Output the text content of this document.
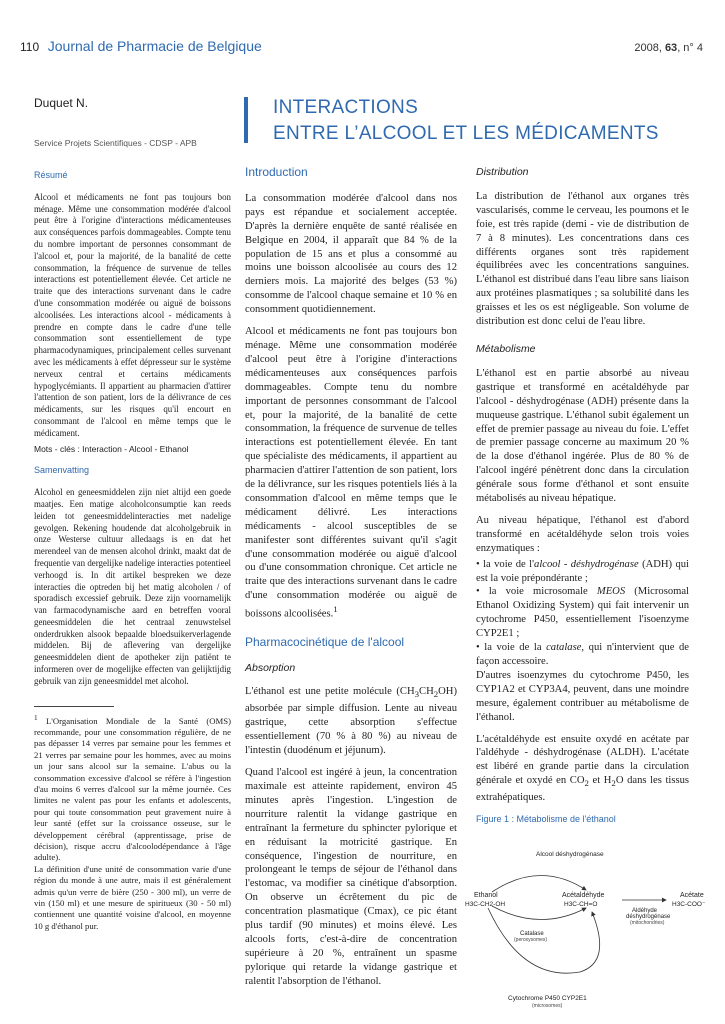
110 Journal de Pharmacie de Belgique	2008, 63, n° 4
Duquet N.
Service Projets Scientifiques - CDSP - APB
INTERACTIONS
ENTRE L’ALCOOL ET LES MÉDICAMENTS
Résumé

Alcool et médicaments ne font pas toujours bon ménage. Même une consommation modérée d'alcool peut être à l'origine d'interactions médicamenteuses aux conséquences parfois dommageables. Compte tenu du nombre important de personnes consommant de l'alcool et, pour la majorité, de la banalité de cette consommation, la fréquence de survenue de telles interactions est potentiellement élevée. Cet article ne traite que des interactions survenant dans le cadre d'une consommation modérée ou aiguë de boissons alcoolisées. Les interactions alcool - médicaments à prendre en compte dans le cadre d'une telle consommation sont essentiellement de type pharmacodynamiques, principalement celles survenant avec les médicaments à effet dépresseur sur le système nerveux central et certains médicaments hypoglycémiants. Il appartient au pharmacien d'attirer l'attention de son patient, lors de la délivrance de ces médicaments, sur les risques qu'il encourt en consommant de l'alcool en même temps que le médicament.

Mots - clés : Interaction - Alcool - Ethanol
Samenvatting

Alcohol en geneesmiddelen zijn niet altijd een goede maatjes. Een matige alcoholconsumptie kan reeds leiden tot geneesmiddelinteracties met nadelige gevolgen. Rekening houdende dat alcoholgebruik in onze Westerse cultuur alledaags is en dat het merendeel van de mensen alcohol drinkt, maakt dat de frequentie van dergelijke nadelige interacties potentieel verhoogd is. In dit artikel bespreken we deze interacties die optreden bij het matig alcoholen / of sporadisch excessief gebruik. Deze zijn voornamelijk van farmacodynamische aard en betreffen vooral geneesmiddelen die het centraal zenuwstelsel onderdrukken alsook bepaalde bloedsuikerverlagende middelen. Bij de aflevering van dergelijke geneesmiddelen dient de apotheker zijn patiënt te informeren over de mogelijke effecten van gelijktijdig gebruik van zijn geneesmiddel met alcohol.

$^1$ L'Organisation Mondiale de la Santé (OMS) recommande, pour une consommation régulière, de ne pas dépasser 14 verres par semaine pour les femmes et 21 verres par semaine pour les hommes, avec au moins un jour sans alcool sur la semaine. L'abus ou la consommation excessive d'alcool se réfère à l'ingestion d'au moins 6 verres d'alcool sur la même journée. Ces limites ne valent pas pour les enfants et adolescents, pour qui toute consommation peut gravement nuire à leur santé (effet sur la croissance osseuse, sur le développement cérébral (apprentissage, prise de décision), risque accru d'alcoolodépendance à l'âge adulte).
La définition d'une unité de consommation varie d'une région du monde à une autre, mais il est généralement admis qu'un verre de bière (250 - 300 ml), un verre de vin (150 ml) et une mesure de spiritueux (30 - 50 ml) contiennent une quantité voisine d'alcool, en moyenne 10 g d'éthanol pur.
Introduction

La consommation modérée d'alcool dans nos pays est répandue et socialement acceptée. D'après la dernière enquête de santé réalisée en Belgique en 2004, il apparaît que 84 % de la population de 15 ans et plus a consommé au moins une boisson alcoolisée au cours des 12 derniers mois. La majorité des belges (53 %) consomme de l'alcool chaque semaine et 10 % en consomment quotidiennement.

Alcool et médicaments ne font pas toujours bon ménage. Même une consommation modérée d'alcool peut être à l'origine d'interactions médicamenteuses aux conséquences parfois dommageables. Compte tenu du nombre important de personnes consommant de l'alcool et, pour la majorité, de la banalité de cette consommation, la fréquence de survenue de telles interactions est potentiellement élevée. En tant que spécialiste des médicaments, il appartient au pharmacien d'attirer l'attention de son patient, lors de la délivrance, sur les risques potentiels liés à la consommation d'alcool en même temps que le médicament délivré. Les interactions médicaments - alcool susceptibles de se manifester sont différentes suivant qu'il s'agit d'une consommation modérée ou aiguë d'alcool ou d'une consommation chronique. Cet article ne traite que des interactions survenant dans le cadre d'une consommation modérée ou aiguë de boissons alcoolisées.$^1$

Pharmacocinétique de l'alcool
Absorption

L'éthanol est une petite molécule $(CH_3CH_2OH)$ absorbée par simple diffusion. Lente au niveau gastrique, cette absorption s'effectue essentiellement (70 % à 80 %) au niveau de l'intestin (duodénum et jéjunum).

Quand l'alcool est ingéré à jeun, la concentration maximale est atteinte rapidement, environ 45 minutes après l'ingestion. L'ingestion de nourriture ralentit la vidange gastrique en entraînant la fermeture du sphincter pylorique et en réduisant la motricité gastrique. En conséquence, l'ingestion de nourriture, en prolongeant le temps de séjour de l'éthanol dans l'estomac, va modifier sa cinétique d'absorption. On observe un écrêtement du pic de concentration plasmatique (Cmax), ce pic étant plus tardif (90 minutes) et moins élevé. Les alcools forts, c'est-à-dire de concentration supérieure à 20 %, entraînent un spasme pylorique qui retarde la vidange gastrique et ralentit l'absorption de l'éthanol.

Distribution

La distribution de l'éthanol aux organes très vascularisés, comme le cerveau, les poumons et le foie, est très rapide (demi - vie de distribution de 7 à 8 minutes). Les concentrations dans ces différents organes sont très rapidement équilibrées avec les concentrations sanguines. L'éthanol est distribué dans l'eau libre sans liaison aux protéines plasmatiques ; sa solubilité dans les graisses et les os est négligeable. Son volume de distribution est donc celui de l'eau libre.

Métabolisme

L'éthanol est en partie absorbé au niveau gastrique et transformé en acétaldéhyde par l'alcool - déshydrogénase (ADH) présente dans la muqueuse gastrique. L'éthanol subit également un effet de premier passage au niveau du foie. L'effet de premier passage concerne au maximum 20 % de la dose d'éthanol ingérée. Plus de 80 % de l'alcool ingéré pénètrent donc dans la circulation générale sous forme d'éthanol et sont ensuite métabolisés au niveau hépatique.

Au niveau hépatique, l'éthanol est d'abord transformé en acétaldéhyde selon trois voies enzymatiques :

• la voie de l'alcool - déshydrogénase (ADH) qui est la voie prépondérante ;

• la voie microsomale MEOS (Microsomal Ethanol Oxidizing System) qui fait intervenir un cytochrome P450, essentiellement l'isoenzyme CYP2E1 ;

• la voie de la catalase, qui n'intervient que de façon accessoire.

D'autres isoenzymes du cytochrome P450, les CYP1A2 et CYP3A4, peuvent, dans une moindre mesure, également contribuer au métabolisme de l'éthanol.

L'acétaldéhyde est ensuite oxydé en acétate par l'aldéhyde - déshydrogénase (ALDH). L'acétate est libéré en grande partie dans la circulation générale et oxydé en $CO_2$ et $H_2O$ dans les tissus extrahépatiques.

Figure 1 : Métabolisme de l'éthanol
Alcool déshydrogénase
Ethanol
H3C-CH2-OH
Acétaldéhyde
H3C-CH=O
Acétate
H3C-COO⁻
Aldéhyde
déshydrogénase
(mitochondries)
Catalase
(peroxysomes)
Cytochrome P450 CYP2E1
(microsomes)
